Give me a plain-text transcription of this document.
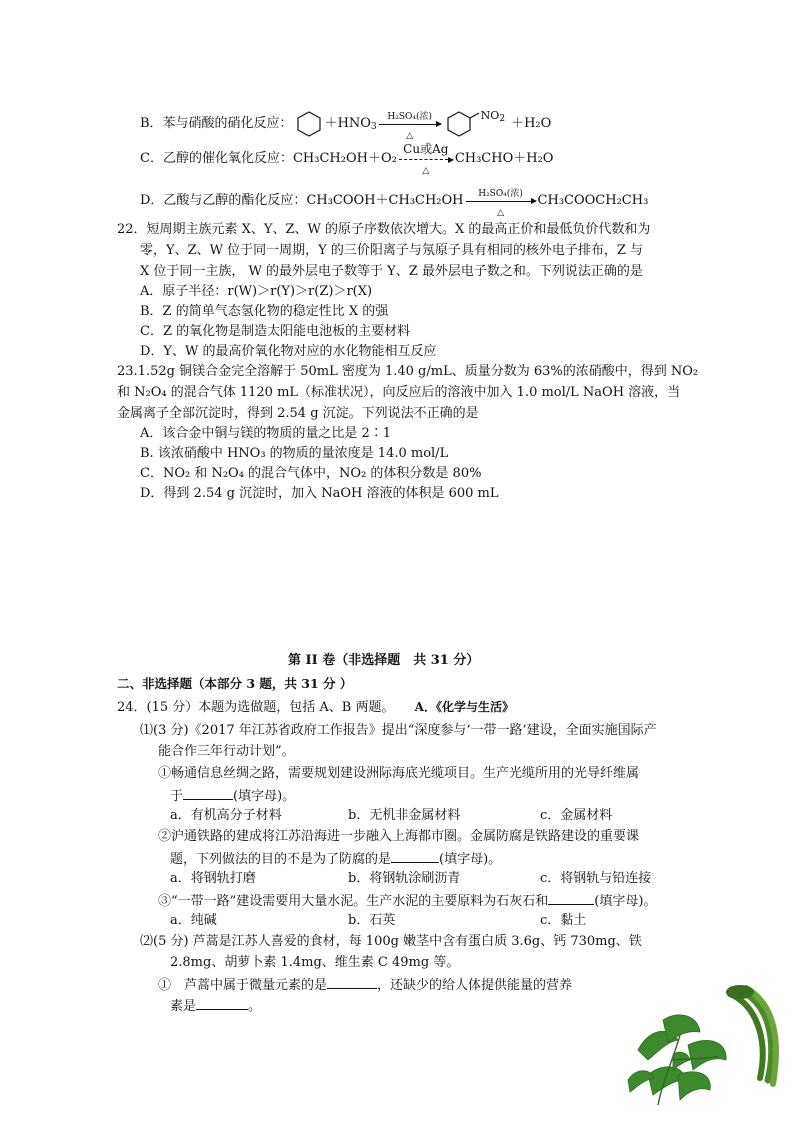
B．苯与硝酸的硝化反应： $+HNO_3$
H₂SO₄(浓)
△
$NO_2 +H_2O$
C．乙醇的催化氧化反应： CH₃CH₂OH＋O₂
Cu或Ag
△
CH₃CHO＋H₂O
D．乙酸与乙醇的酯化反应： CH₃COOH＋CH₃CH₂OH	H₂SO₄(浓)
△
CH₃COOCH₂CH₃
22．短周期主族元素 X、Y、Z、W 的原子序数依次增大。X 的最高正价和最低负价代数和为
零，Y、Z、W 位于同一周期，Y 的三价阳离子与氖原子具有相同的核外电子排布，Z 与
X 位于同一主族， W 的最外层电子数等于 Y、Z 最外层电子数之和。下列说法正确的是
A．原子半径：r(W)＞r(Y)＞r(Z)＞r(X)
B．Z 的简单气态氢化物的稳定性比 X 的强
C．Z 的氧化物是制造太阳能电池板的主要材料
D．Y、W 的最高价氧化物对应的水化物能相互反应
23.1.52g 铜镁合金完全溶解于 50mL 密度为 1.40 g/mL、质量分数为 63%的浓硝酸中，得到 NO₂
和 N₂O₄ 的混合气体 1120 mL（标准状况），向反应后的溶液中加入 1.0 mol/L NaOH 溶液，当
金属离子全部沉淀时，得到 2.54 g 沉淀。下列说法不正确的是
A．该合金中铜与镁的物质的量之比是 2∶1
B. 该浓硝酸中 HNO₃ 的物质的量浓度是 14.0 mol/L
C．NO₂ 和 N₂O₄ 的混合气体中，NO₂ 的体积分数是 80%
D．得到 2.54 g 沉淀时，加入 NaOH 溶液的体积是 600 mL
第 II 卷（非选择题　共 31 分）
二、非选择题（本部分 3 题，共 31 分 ）
24．(15 分）本题为选做题，包括 A、B 两题。 A．《化学与生活》
⑴(3 分)《2017 年江苏省政府工作报告》提出“深度参与‘一带一路’建设，全面实施国际产
能合作三年行动计划”。
①畅通信息丝绸之路，需要规划建设洲际海底光缆项目。生产光缆所用的光导纤维属
于	(填字母)。
a．有机高分子材料	b．无机非金属材料	c．金属材料
②沪通铁路的建成将江苏沿海进一步融入上海都市圈。金属防腐是铁路建设的重要课
题，下列做法的目的不是为了防腐的是	(填字母)。
a．将钢轨打磨	b．将钢轨涂刷沥青	c．将钢轨与铅连接
③“一带一路”建设需要用大量水泥。生产水泥的主要原料为石灰石和	(填字母)。
a．纯碱	b．石英	c．黏土
⑵(5 分) 芦蒿是江苏人喜爱的食材，每 100g 嫩茎中含有蛋白质 3.6g、钙 730mg、铁
2.8mg、胡萝卜素 1.4mg、维生素 C 49mg 等。
①　芦蒿中属于微量元素的是	，还缺少的给人体提供能量的营养
素是	。
